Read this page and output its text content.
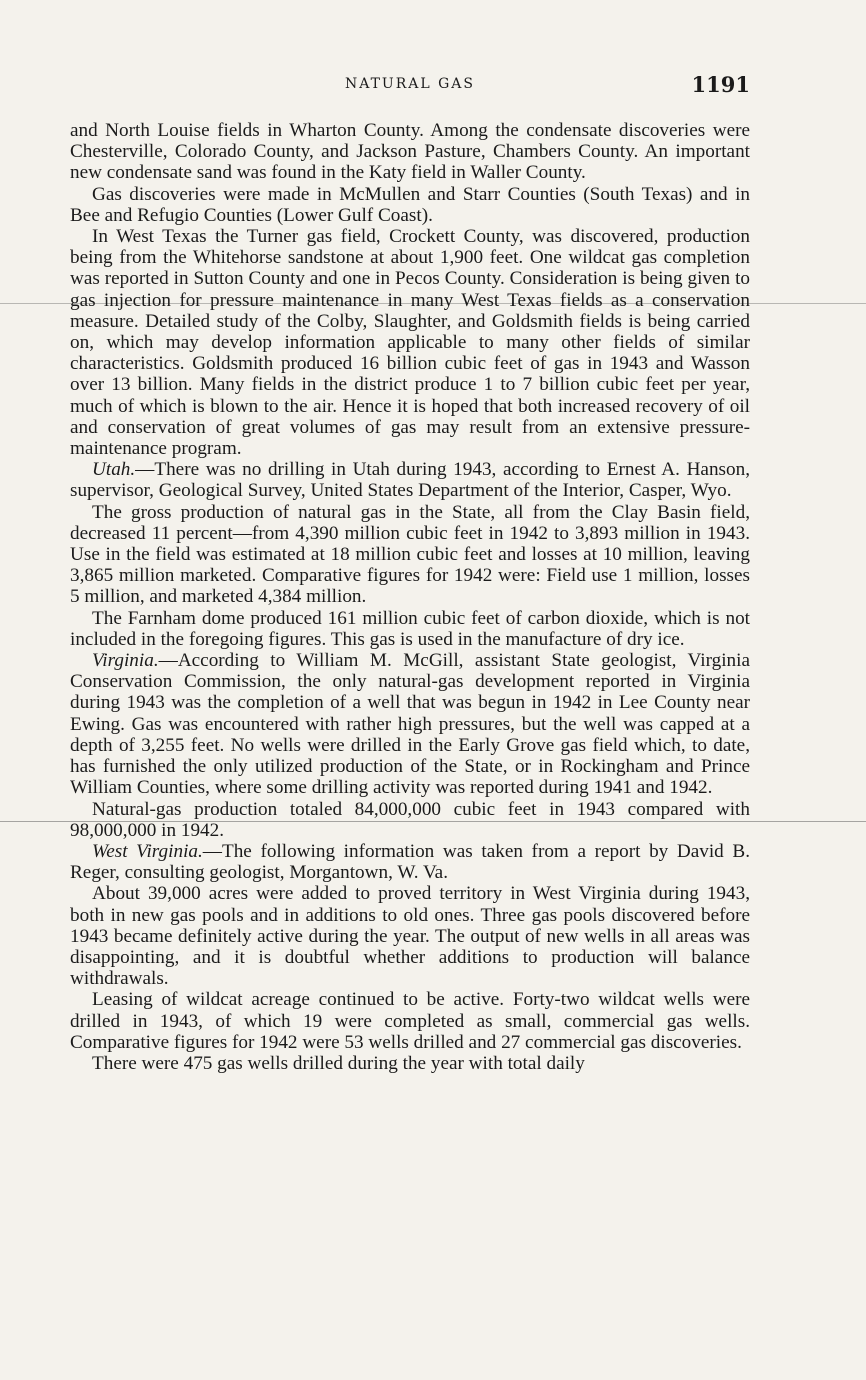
NATURAL GAS	1191

and North Louise fields in Wharton County. Among the condensate discoveries were Chesterville, Colorado County, and Jackson Pasture, Chambers County. An important new condensate sand was found in the Katy field in Waller County.

Gas discoveries were made in McMullen and Starr Counties (South Texas) and in Bee and Refugio Counties (Lower Gulf Coast).

In West Texas the Turner gas field, Crockett County, was discovered, production being from the Whitehorse sandstone at about 1,900 feet. One wildcat gas completion was reported in Sutton County and one in Pecos County. Consideration is being given to gas injection for pressure maintenance in many West Texas fields as a conservation measure. Detailed study of the Colby, Slaughter, and Goldsmith fields is being carried on, which may develop information applicable to many other fields of similar characteristics. Goldsmith produced 16 billion cubic feet of gas in 1943 and Wasson over 13 billion. Many fields in the district produce 1 to 7 billion cubic feet per year, much of which is blown to the air. Hence it is hoped that both increased recovery of oil and conservation of great volumes of gas may result from an extensive pressure-maintenance program.

Utah.—There was no drilling in Utah during 1943, according to Ernest A. Hanson, supervisor, Geological Survey, United States Department of the Interior, Casper, Wyo.

The gross production of natural gas in the State, all from the Clay Basin field, decreased 11 percent—from 4,390 million cubic feet in 1942 to 3,893 million in 1943. Use in the field was estimated at 18 million cubic feet and losses at 10 million, leaving 3,865 million marketed. Comparative figures for 1942 were: Field use 1 million, losses 5 million, and marketed 4,384 million.

The Farnham dome produced 161 million cubic feet of carbon dioxide, which is not included in the foregoing figures. This gas is used in the manufacture of dry ice.

Virginia.—According to William M. McGill, assistant State geologist, Virginia Conservation Commission, the only natural-gas development reported in Virginia during 1943 was the completion of a well that was begun in 1942 in Lee County near Ewing. Gas was encountered with rather high pressures, but the well was capped at a depth of 3,255 feet. No wells were drilled in the Early Grove gas field which, to date, has furnished the only utilized production of the State, or in Rockingham and Prince William Counties, where some drilling activity was reported during 1941 and 1942.

Natural-gas production totaled 84,000,000 cubic feet in 1943 compared with 98,000,000 in 1942.

West Virginia.—The following information was taken from a report by David B. Reger, consulting geologist, Morgantown, W. Va.

About 39,000 acres were added to proved territory in West Virginia during 1943, both in new gas pools and in additions to old ones. Three gas pools discovered before 1943 became definitely active during the year. The output of new wells in all areas was disappointing, and it is doubtful whether additions to production will balance withdrawals.

Leasing of wildcat acreage continued to be active. Forty-two wildcat wells were drilled in 1943, of which 19 were completed as small, commercial gas wells. Comparative figures for 1942 were 53 wells drilled and 27 commercial gas discoveries.

There were 475 gas wells drilled during the year with total daily
